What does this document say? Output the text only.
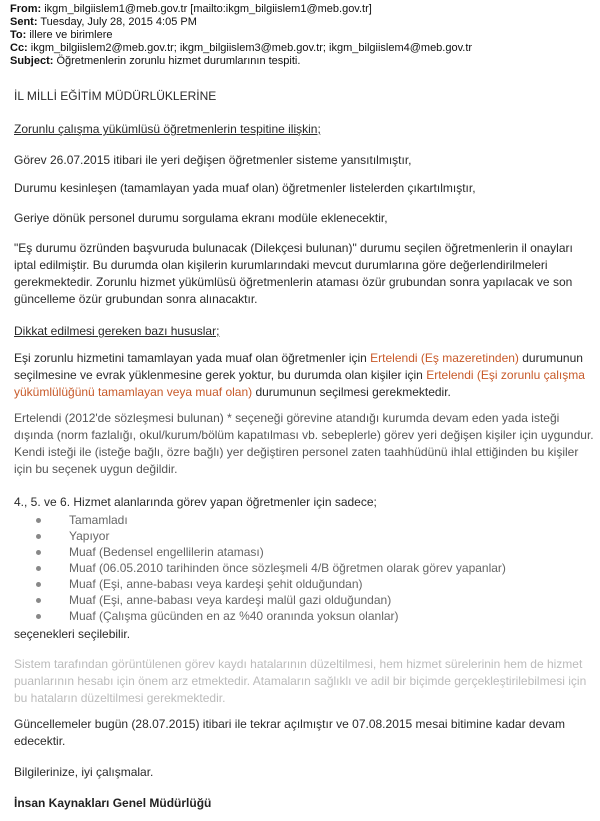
From: ikgm_bilgiislem1@meb.gov.tr [mailto:ikgm_bilgiislem1@meb.gov.tr]
Sent: Tuesday, July 28, 2015 4:05 PM
To: illere ve birimlere
Cc: ikgm_bilgiislem2@meb.gov.tr; ikgm_bilgiislem3@meb.gov.tr; ikgm_bilgiislem4@meb.gov.tr
Subject: Öğretmenlerin zorunlu hizmet durumlarının tespiti.
İL MİLLİ EĞİTİM MÜDÜRLÜKLERİNE
Zorunlu çalışma yükümlüsü öğretmenlerin tespitine ilişkin;
Görev 26.07.2015 itibari ile yeri değişen öğretmenler sisteme yansıtılmıştır,
Durumu kesinleşen (tamamlayan yada muaf olan) öğretmenler listelerden çıkartılmıştır,
Geriye dönük personel durumu sorgulama ekranı modüle eklenecektir,
"Eş durumu özründen başvuruda bulunacak (Dilekçesi bulunan)" durumu seçilen öğretmenlerin il onayları iptal edilmiştir. Bu durumda olan kişilerin kurumlarındaki mevcut durumlarına göre değerlendirilmeleri gerekmektedir. Zorunlu hizmet yükümlüsü öğretmenlerin ataması özür grubundan sonra yapılacak ve son güncelleme özür grubundan sonra alınacaktır.
Dikkat edilmesi gereken bazı hususlar;
Eşi zorunlu hizmetini tamamlayan yada muaf olan öğretmenler için Ertelendi (Eş mazeretinden) durumunun seçilmesine ve evrak yüklenmesine gerek yoktur, bu durumda olan kişiler için Ertelendi (Eşi zorunlu çalışma yükümlülüğünü tamamlayan veya muaf olan) durumunun seçilmesi gerekmektedir.
Ertelendi (2012'de sözleşmesi bulunan) * seçeneği görevine atandığı kurumda devam eden yada isteği dışında (norm fazlalığı, okul/kurum/bölüm kapatılması vb. sebeplerle) görev yeri değişen kişiler için uygundur. Kendi isteği ile (isteğe bağlı, özre bağlı) yer değiştiren personel zaten taahhüdünü ihlal ettiğinden bu kişiler için bu seçenek uygun değildir.
4., 5. ve 6. Hizmet alanlarında görev yapan öğretmenler için sadece;
Tamamladı
Yapıyor
Muaf (Bedensel engellilerin ataması)
Muaf (06.05.2010 tarihinden önce sözleşmeli 4/B öğretmen olarak görev yapanlar)
Muaf (Eşi, anne-babası veya kardeşi şehit olduğundan)
Muaf (Eşi, anne-babası veya kardeşi malül gazi olduğundan)
Muaf (Çalışma gücünden en az %40 oranında yoksun olanlar)
seçenekleri seçilebilir.
Sistem tarafından görüntülenen görev kaydı hatalarının düzeltilmesi, hem hizmet sürelerinin hem de hizmet puanlarının hesabı için önem arz etmektedir. Atamaların sağlıklı ve adil bir biçimde gerçekleştirilebilmesi için bu hataların düzeltilmesi gerekmektedir.
Güncellemeler bugün (28.07.2015) itibari ile tekrar açılmıştır ve 07.08.2015 mesai bitimine kadar devam edecektir.
Bilgilerinize, iyi çalışmalar.
İnsan Kaynakları Genel Müdürlüğü
